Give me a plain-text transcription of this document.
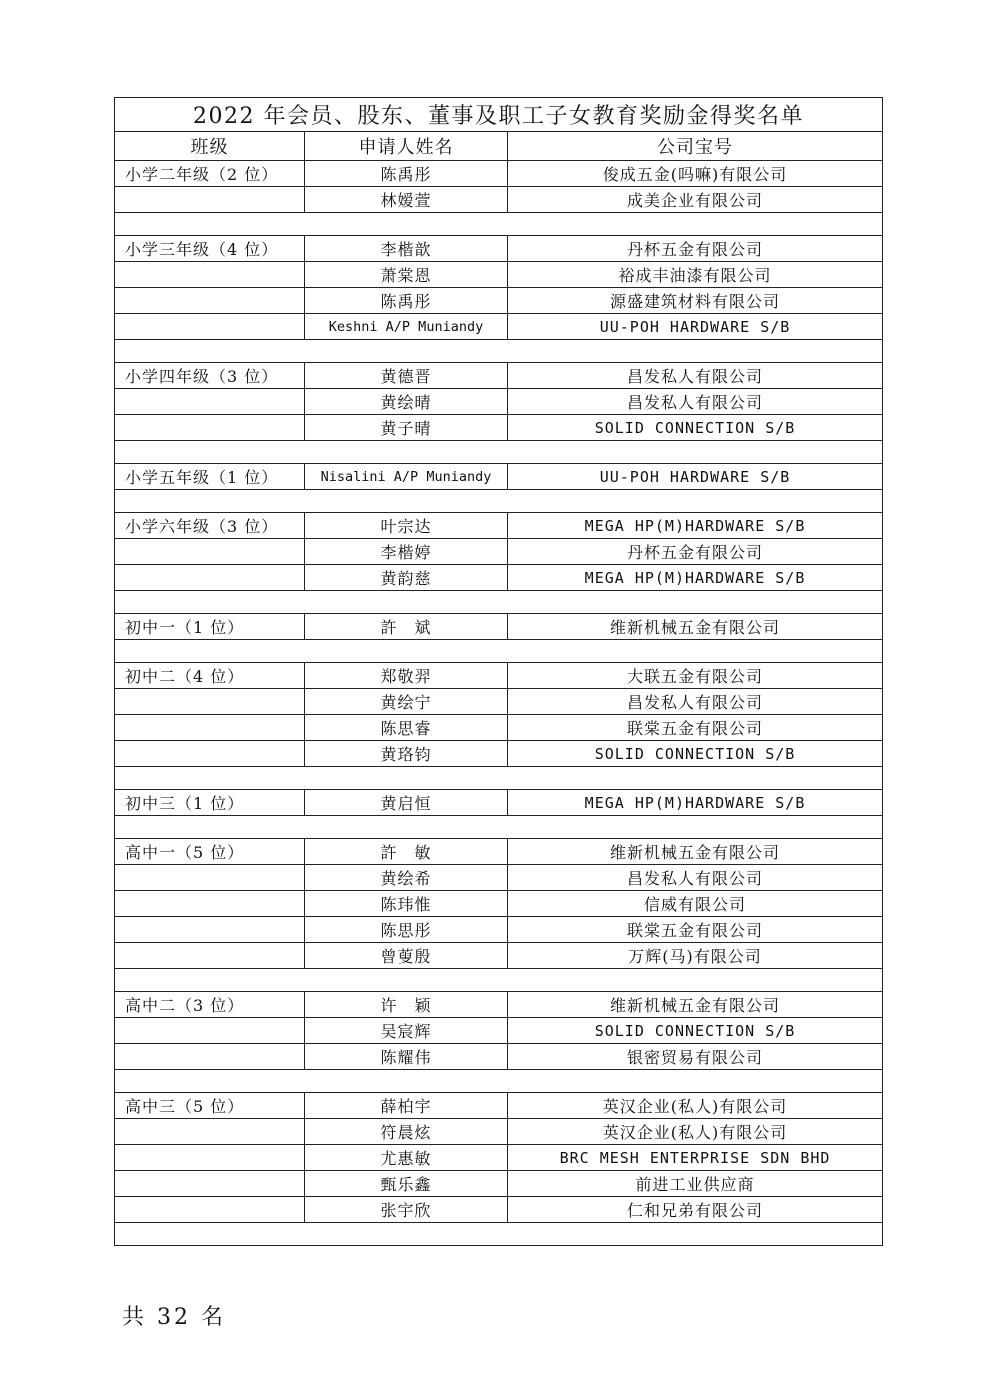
2022 年会员、股东、董事及职工子女教育奖励金得奖名单		
班级	申请人姓名	公司宝号
小学二年级（2 位）	陈禹彤	俊成五金(吗嘛)有限公司
	林嫒萱	成美企业有限公司

小学三年级（4 位）	李楷歆	丹杯五金有限公司
	萧棠恩	裕成丰油漆有限公司
	陈禹彤	源盛建筑材料有限公司
	Keshni A/P Muniandy	UU-POH HARDWARE S/B

小学四年级（3 位）	黄德晋	昌发私人有限公司
	黄绘晴	昌发私人有限公司
	黄子晴	SOLID CONNECTION S/B

小学五年级（1 位）	Nisalini A/P Muniandy	UU-POH HARDWARE S/B

小学六年级（3 位）	叶宗达	MEGA HP(M)HARDWARE S/B
	李楷婷	丹杯五金有限公司
	黄韵慈	MEGA HP(M)HARDWARE S/B

初中一（1 位）	許　斌	维新机械五金有限公司

初中二（4 位）	郑敬羿	大联五金有限公司
	黄绘宁	昌发私人有限公司
	陈思睿	联棠五金有限公司
	黄珞钧	SOLID CONNECTION S/B

初中三（1 位）	黄启恒	MEGA HP(M)HARDWARE S/B

高中一（5 位）	許　敏	维新机械五金有限公司
	黄绘希	昌发私人有限公司
	陈玮惟	信威有限公司
	陈思彤	联棠五金有限公司
	曾蓃殷	万辉(马)有限公司

高中二（3 位）	许　颖	维新机械五金有限公司
	吴宸辉	SOLID CONNECTION S/B
	陈耀伟	银密贸易有限公司

高中三（5 位）	薛柏宇	英汉企业(私人)有限公司
	符晨炫	英汉企业(私人)有限公司
	尤惠敏	BRC MESH ENTERPRISE SDN BHD
	甄乐鑫	前进工业供应商
	张宇欣	仁和兄弟有限公司

共 32 名
